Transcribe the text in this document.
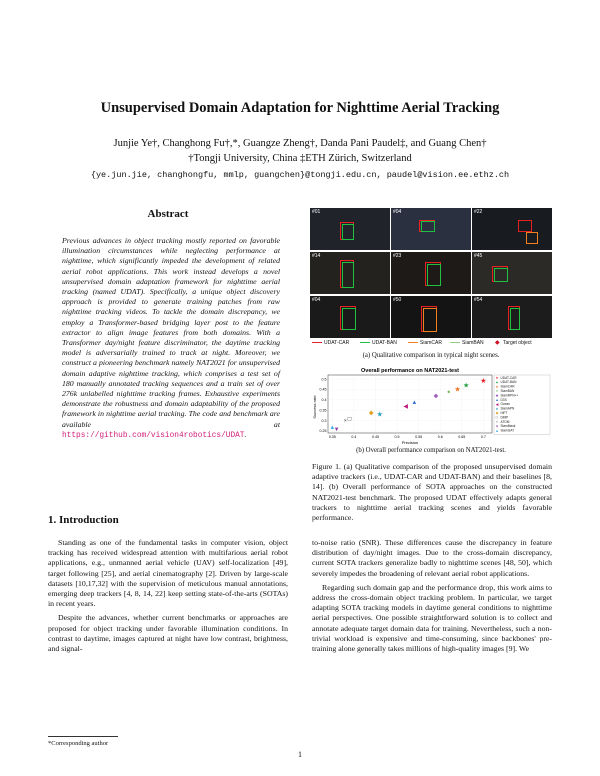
Unsupervised Domain Adaptation for Nighttime Aerial Tracking
Junjie Ye†, Changhong Fu†,*, Guangze Zheng†, Danda Pani Paudel‡, and Guang Chen†
†Tongji University, China ‡ETH Zürich, Switzerland
{ye.jun.jie, changhongfu, mmlp, guangchen}@tongji.edu.cn, paudel@vision.ee.ethz.ch
Abstract
Previous advances in object tracking mostly reported on favorable illumination circumstances while neglecting performance at nighttime, which significantly impeded the development of related aerial robot applications. This work instead develops a novel unsupervised domain adaptation framework for nighttime aerial tracking (named UDAT). Specifically, a unique object discovery approach is provided to generate training patches from raw nighttime tracking videos. To tackle the domain discrepancy, we employ a Transformer-based bridging layer post to the feature extractor to align image features from both domains. With a Transformer day/night feature discriminator, the daytime tracking model is adversarially trained to track at night. Moreover, we construct a pioneering benchmark namely NAT2021 for unsupervised domain adaptive nighttime tracking, which comprises a test set of 180 manually annotated tracking sequences and a train set of over 276k unlabelled nighttime tracking frames. Exhaustive experiments demonstrate the robustness and domain adaptability of the proposed framework in nighttime aerial tracking. The code and benchmark are available at https://github.com/vision4robotics/UDAT.
1. Introduction

Standing as one of the fundamental tasks in computer vision, object tracking has received widespread attention with multifarious aerial robot applications, e.g., unmanned aerial vehicle (UAV) self-localization [49], target following [25], and aerial cinematography [2]. Driven by large-scale datasets [10,17,32] with the supervision of meticulous manual annotations, emerging deep trackers [4, 8, 14, 22] keep setting state-of-the-arts (SOTAs) in recent years.

Despite the advances, whether current benchmarks or approaches are proposed for object tracking under favorable illumination conditions. In contrast to daytime, images captured at night have low contrast, brightness, and signal-

*Corresponding author
1
#01	#04	#22
#14	#23	#45
#04	#50	#54
UDAT-CAR	UDAT-BAN	SiamCAR	SiamBAN ◆ Target object
(a) Qualitative comparison in typical night scenes.
Overall performance on NAT2021-test
Success rate
Precision
0.35	0.4	0.45	0.5	0.55	0.6	0.65	0.7
0.25
0.3
0.35
0.4
0.45
0.5	★
★
★
●
◆
▲
◀
★
◆
□
×
▼
▲
★ UDAT-CAR
★ UDAT-BAN
★ SiamCAR
● SiamBAN
◆ SiamRPN++
▲ D3S
◀ Ocean
★ SiamAPN
◆ HiFT
□ DiMP
× ATOM
▼ SiamMask
▲ SiamGAT
(b) Overall performance comparison on NAT2021-test.
Figure 1. (a) Qualitative comparison of the proposed unsupervised domain adaptive trackers (i.e., UDAT-CAR and UDAT-BAN) and their baselines [8, 14]. (b) Overall performance of SOTA approaches on the constructed NAT2021-test benchmark. The proposed UDAT effectively adapts general trackers to nighttime aerial tracking scenes and yields favorable performance.

to-noise ratio (SNR). These differences cause the discrepancy in feature distribution of day/night images. Due to the cross-domain discrepancy, current SOTA trackers generalize badly to nighttime scenes [48, 50], which severely impedes the broadening of relevant aerial robot applications.

Regarding such domain gap and the performance drop, this work aims to address the cross-domain object tracking problem. In particular, we target adapting SOTA tracking models in daytime general conditions to nighttime aerial perspectives. One possible straightforward solution is to collect and annotate adequate target domain data for training. Nevertheless, such a non-trivial workload is expensive and time-consuming, since backbones' pre-training alone generally takes millions of high-quality images [9]. We
